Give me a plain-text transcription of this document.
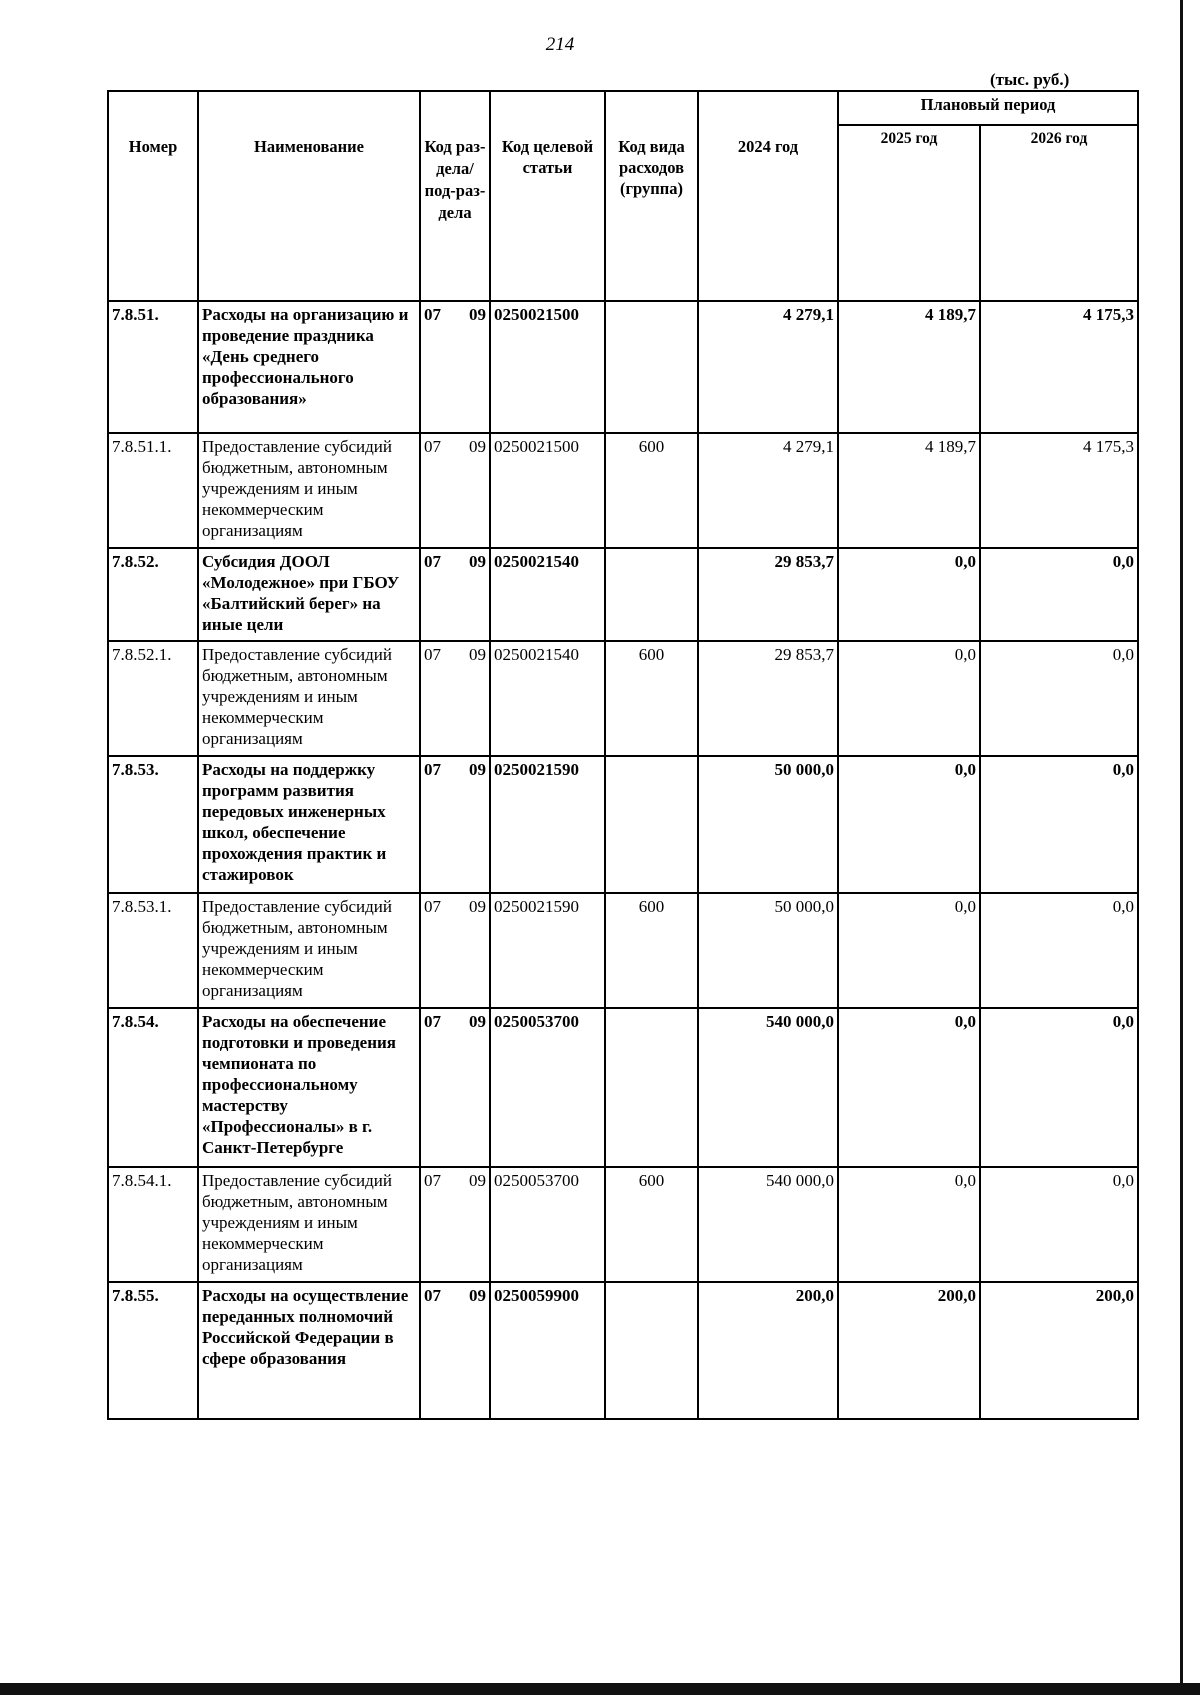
214
(тыс. руб.)
Номер	Наименование	Код раз-дела/ под-раз-дела	Код целевой статьи	Код вида расходов (группа)	2024 год	Плановый период	
						2025 год	2026 год
7.8.51.	Расходы на организацию и проведение праздника «День среднего профессионального образования»	07 09	0250021500		4 279,1	4 189,7	4 175,3
7.8.51.1.	Предоставление субсидий бюджетным, автономным учреждениям и иным некоммерческим организациям	07 09	0250021500	600	4 279,1	4 189,7	4 175,3
7.8.52.	Субсидия ДООЛ «Молодежное» при ГБОУ «Балтийский берег» на иные цели	07 09	0250021540		29 853,7	0,0	0,0
7.8.52.1.	Предоставление субсидий бюджетным, автономным учреждениям и иным некоммерческим организациям	07 09	0250021540	600	29 853,7	0,0	0,0
7.8.53.	Расходы на поддержку программ развития передовых инженерных школ, обеспечение прохождения практик и стажировок	07 09	0250021590		50 000,0	0,0	0,0
7.8.53.1.	Предоставление субсидий бюджетным, автономным учреждениям и иным некоммерческим организациям	07 09	0250021590	600	50 000,0	0,0	0,0
7.8.54.	Расходы на обеспечение подготовки и проведения чемпионата по профессиональному мастерству «Профессионалы» в г. Санкт-Петербурге	07 09	0250053700		540 000,0	0,0	0,0
7.8.54.1.	Предоставление субсидий бюджетным, автономным учреждениям и иным некоммерческим организациям	07 09	0250053700	600	540 000,0	0,0	0,0
7.8.55.	Расходы на осуществление переданных полномочий Российской Федерации в сфере образования	07 09	0250059900		200,0	200,0	200,0
